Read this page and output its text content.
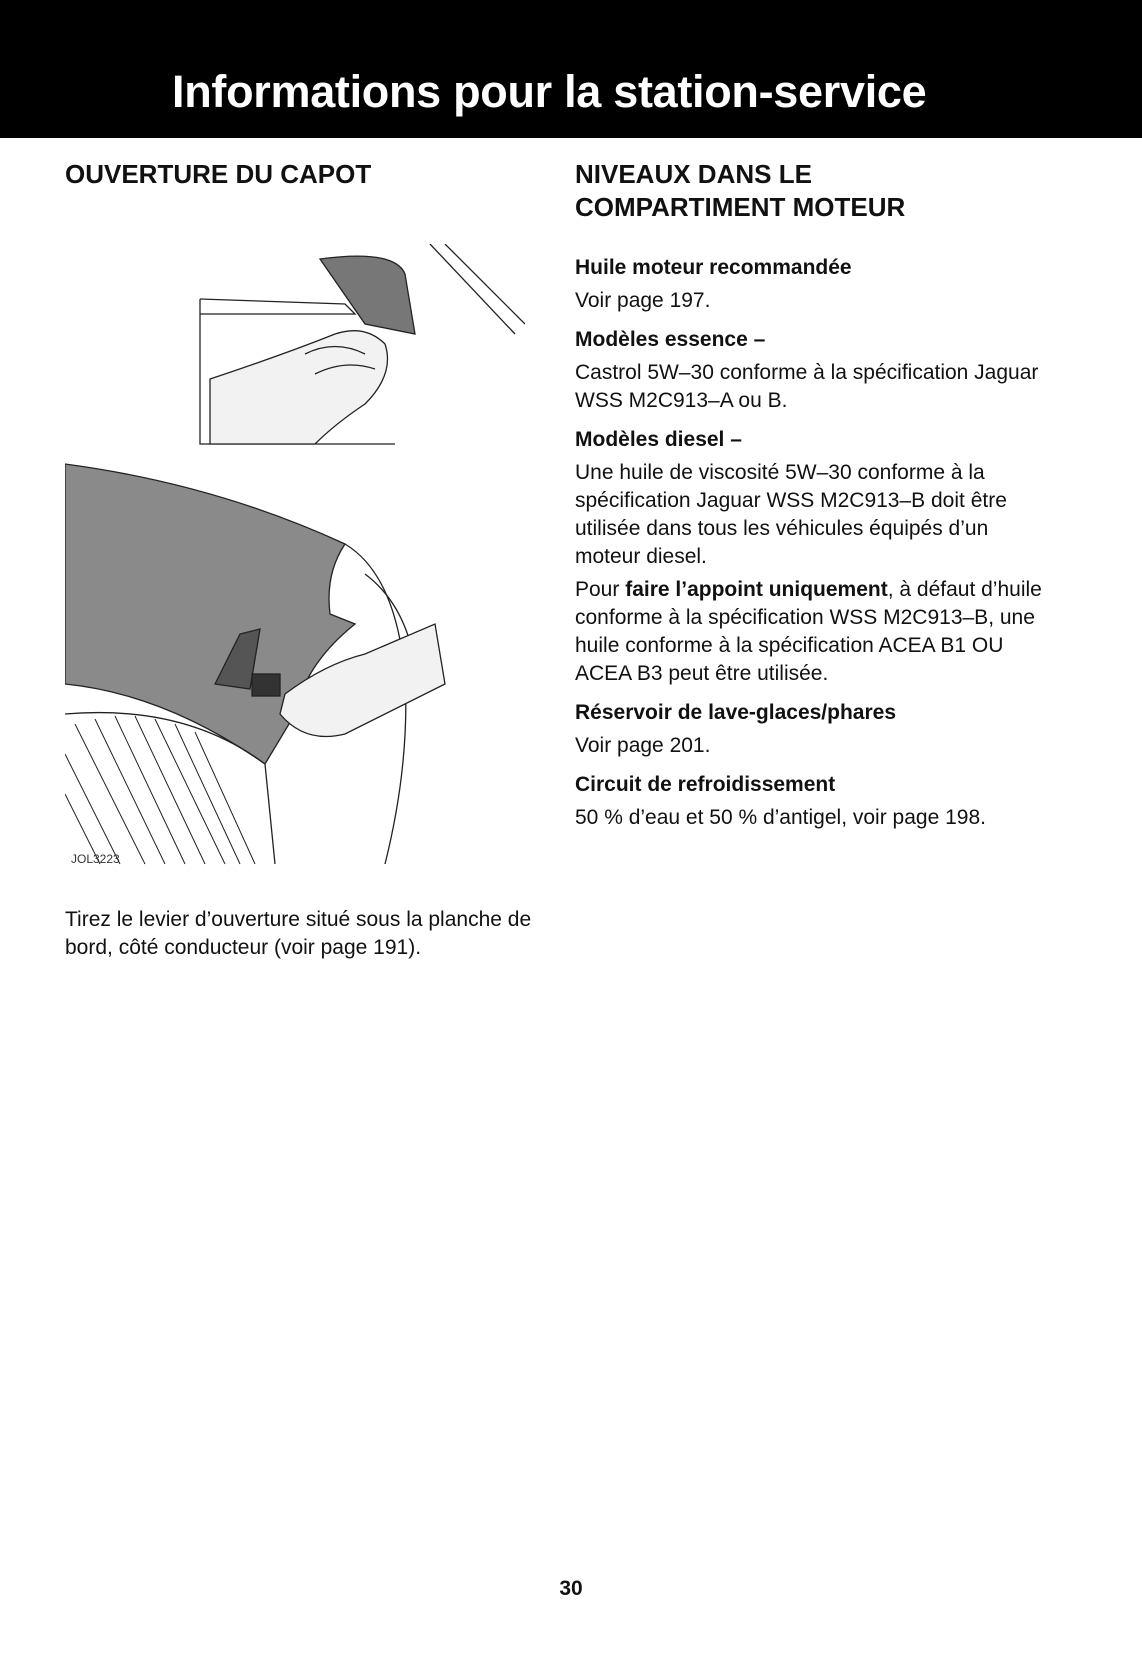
Informations pour la station-service
OUVERTURE DU CAPOT
JOL3223

Tirez le levier d’ouverture situé sous la planche de bord, côté conducteur (voir page 191).

NIVEAUX DANS LE
COMPARTIMENT MOTEUR
Huile moteur recommandée

Voir page 197.

Modèles essence –

Castrol 5W–30 conforme à la spécification Jaguar WSS M2C913–A ou B.

Modèles diesel –

Une huile de viscosité 5W–30 conforme à la spécification Jaguar WSS M2C913–B doit être utilisée dans tous les véhicules équipés d’un moteur diesel.

Pour faire l’appoint uniquement, à défaut d’huile conforme à la spécification WSS M2C913–B, une huile conforme à la spécification ACEA B1 OU ACEA B3 peut être utilisée.

Réservoir de lave-glaces/phares

Voir page 201.

Circuit de refroidissement

50 % d’eau et 50 % d’antigel, voir page 198.

30
